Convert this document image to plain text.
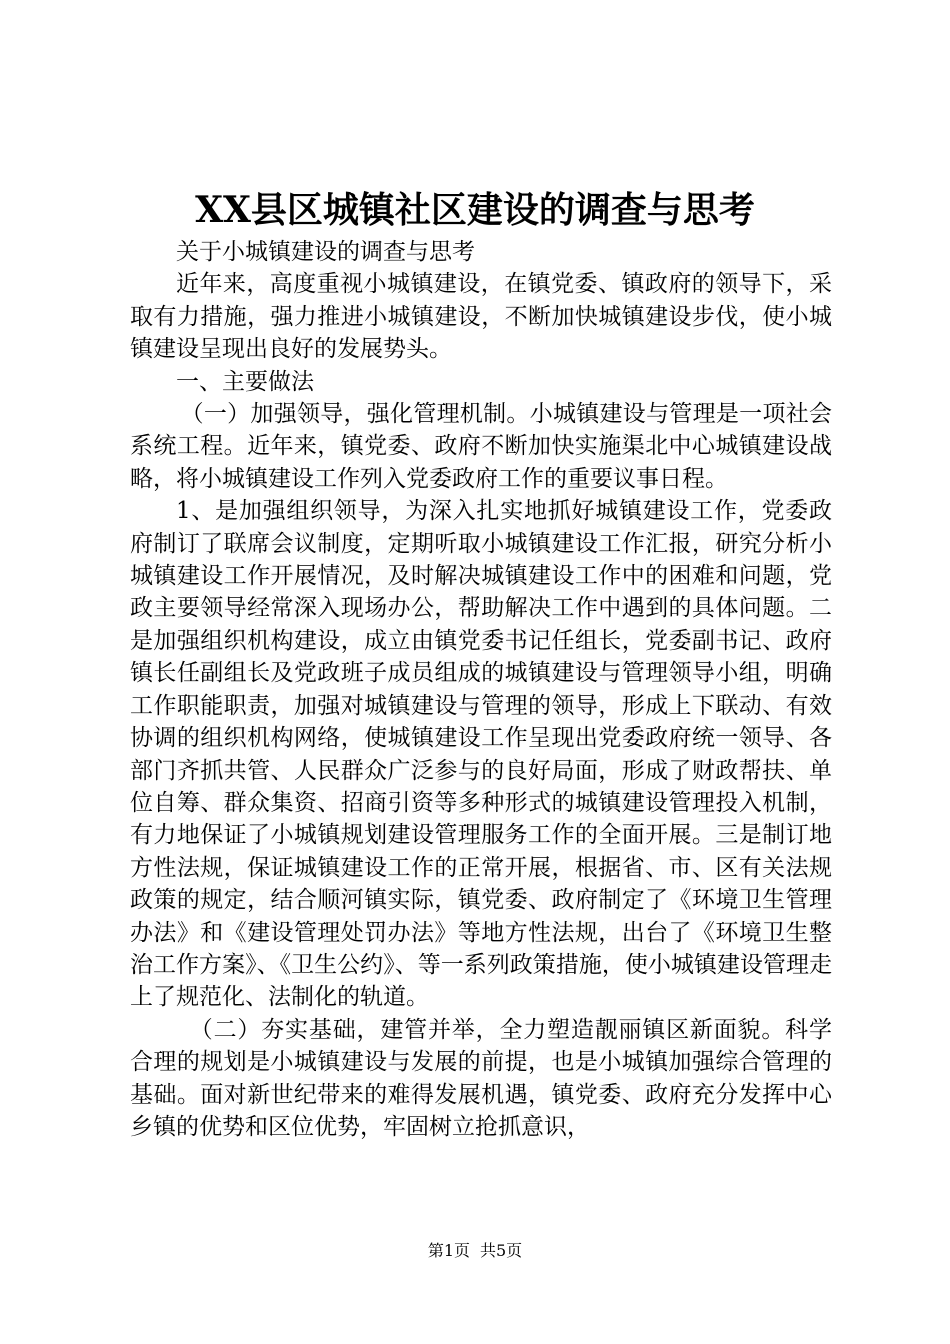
XX县区城镇社区建设的调查与思考

关于小城镇建设的调查与思考

近年来，高度重视小城镇建设，在镇党委、镇政府的领导下，采取有力措施，强力推进小城镇建设，不断加快城镇建设步伐，使小城镇建设呈现出良好的发展势头。

一、主要做法

（一）加强领导，强化管理机制。小城镇建设与管理是一项社会系统工程。近年来，镇党委、政府不断加快实施渠北中心城镇建设战略，将小城镇建设工作列入党委政府工作的重要议事日程。

1、是加强组织领导，为深入扎实地抓好城镇建设工作，党委政府制订了联席会议制度，定期听取小城镇建设工作汇报，研究分析小城镇建设工作开展情况，及时解决城镇建设工作中的困难和问题，党政主要领导经常深入现场办公，帮助解决工作中遇到的具体问题。二是加强组织机构建设，成立由镇党委书记任组长，党委副书记、政府镇长任副组长及党政班子成员组成的城镇建设与管理领导小组，明确工作职能职责，加强对城镇建设与管理的领导，形成上下联动、有效协调的组织机构网络，使城镇建设工作呈现出党委政府统一领导、各部门齐抓共管、人民群众广泛参与的良好局面，形成了财政帮扶、单位自筹、群众集资、招商引资等多种形式的城镇建设管理投入机制，有力地保证了小城镇规划建设管理服务工作的全面开展。三是制订地方性法规，保证城镇建设工作的正常开展，根据省、市、区有关法规政策的规定，结合顺河镇实际，镇党委、政府制定了《环境卫生管理办法》和《建设管理处罚办法》等地方性法规，出台了《环境卫生整治工作方案》、《卫生公约》、等一系列政策措施，使小城镇建设管理走上了规范化、法制化的轨道。

（二）夯实基础，建管并举，全力塑造靓丽镇区新面貌。科学合理的规划是小城镇建设与发展的前提，也是小城镇加强综合管理的基础。面对新世纪带来的难得发展机遇，镇党委、政府充分发挥中心乡镇的优势和区位优势，牢固树立抢抓意识，

第1页 共5页
